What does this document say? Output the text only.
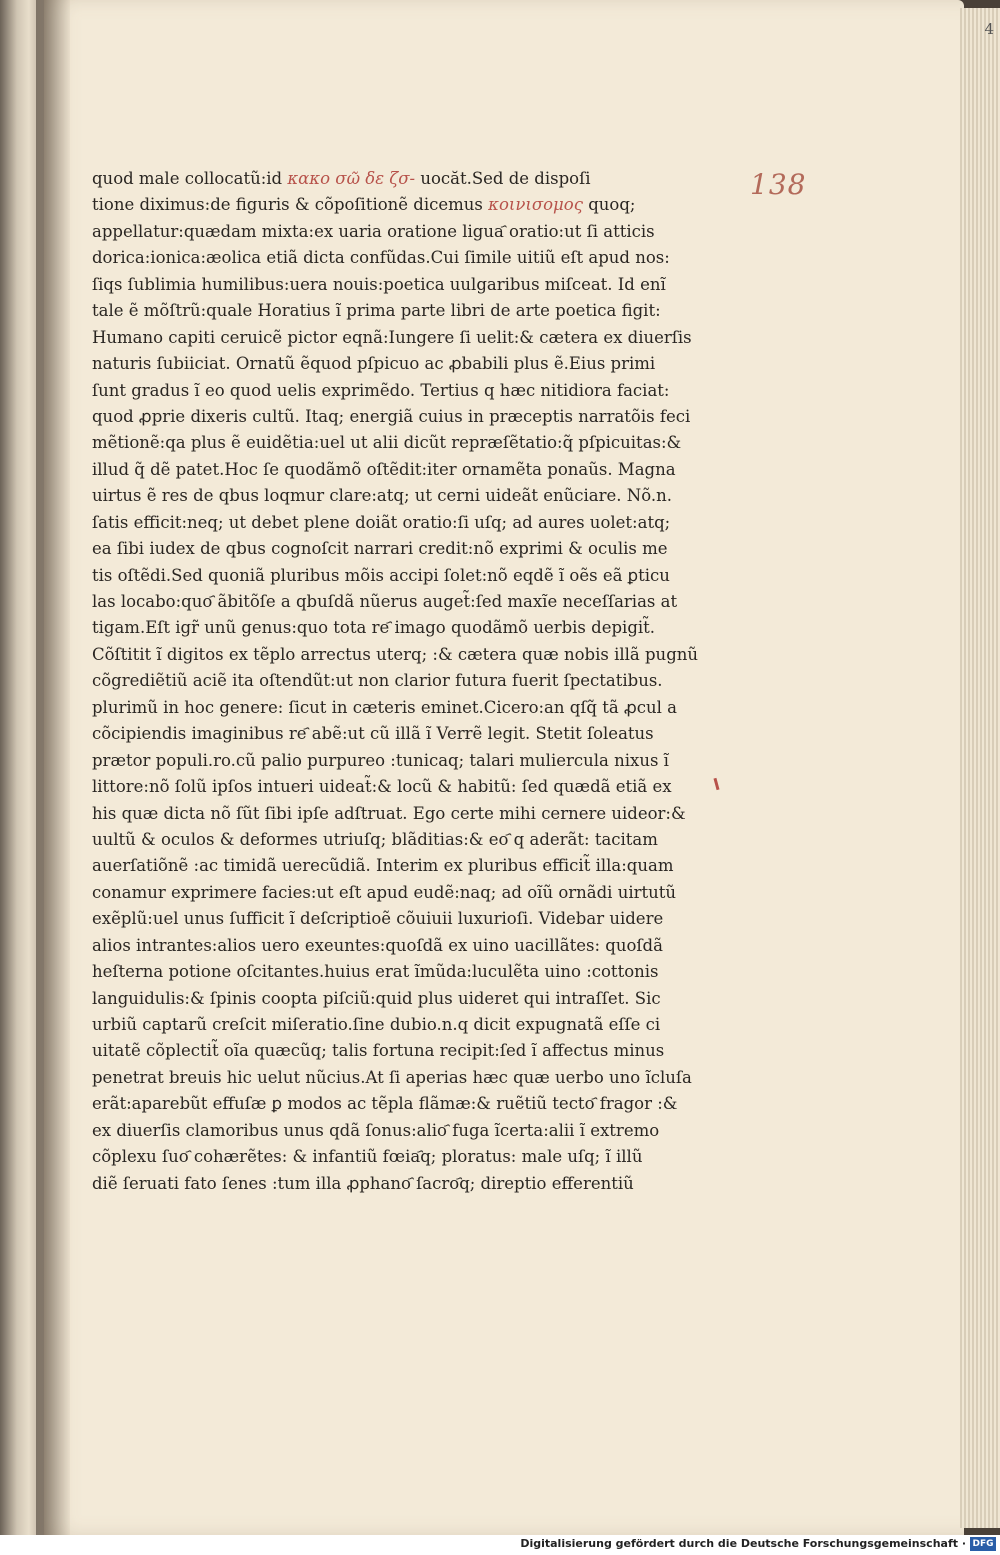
4
138
quod male collocatũ:id κακο σῶ δε ζσ- uocăt.Sed de dispoſi
tione diximus:de figuris & cõpoſitionẽ dicemus κοινισομος quoq;
appellatur:quædam mixta:ex uaria oratione ligua҄ oratio:ut ſi atticis
dorica:ionica:æolica etiã dicta confũdas.Cui ſimile uitiũ eſt apud nos:
ſiqs ſublimia humilibus:uera nouis:poetica uulgaribus miſceat. Id enĩ
tale ẽ mõſtrũ:quale Horatius ĩ prima parte libri de arte poetica figit:
Humano capiti ceruicẽ pictor eqnã:Iungere ſi uelit:& cætera ex diuerſis
naturis ſubiiciat. Ornatũ ẽquod pſpicuo ac ꝓbabili plus ẽ.Eius primi
ſunt gradus ĩ eo quod uelis exprimẽdo. Tertius q hæc nitidiora faciat:
quod ꝓprie dixeris cultũ. Itaq; energiã cuius in præceptis narratõis feci
mẽtionẽ:qa plus ẽ euidẽtia:uel ut alii dicũt repræſẽtatio:q̃ pſpicuitas:&
illud q̃ dẽ patet.Hoc ſe quodãmõ oſtẽdit:iter ornamẽta ponaũs. Magna
uirtus ẽ res de qbus loqmur clare:atq; ut cerni uideãt enũciare. Nõ.n.
ſatis efficit:neq; ut debet plene doiãt oratio:ſi uſq; ad aures uolet:atq;
ea ſibi iudex de qbus cognoſcit narrari credit:nõ exprimi & oculis me
tis oſtẽdi.Sed quoniã pluribus mõis accipi ſolet:nõ eqdẽ ĩ oẽs eã ꝑticu
las locabo:quo҄ ãbitõſe a qbuſdã nũerus auget̃:ſed maxĩe neceſſarias at
tigam.Eſt igr̃ unũ genus:quo tota re҄ imago quodãmõ uerbis depigit̃.
Cõſtitit ĩ digitos ex tẽplo arrectus uterq; :& cætera quæ nobis illã pugnũ
cõgrediẽtiũ aciẽ ita oſtendũt:ut non clarior futura fuerit ſpeсtatibus.
plurimũ in hoc genere: ſicut in cæteris eminet.Cicero:an qſq̃ tã ꝓcul a
cõcipiendis imaginibus re҄ abẽ:ut cũ illã ĩ Verrẽ legit. Stetit ſoleatus
prætor populi.ro.cũ palio purpureo :tunicaq; talari muliercula nixus ĩ
littore:nõ ſolũ ipſos intueri uideat̃:& locũ & habitũ: ſed quædã etiã ex
his quæ dicta nõ ſũt ſibi ipſe adſtruat. Ego certe mihi cernere uideor:&
uultũ & oculos & deformes utriuſq; blãditias:& eo҄ q aderãt: tacitam
auerſatiõnẽ :ac timidã uerecũdiã. Interim ex pluribus efficit̃ illa:quam
conamur exprimere facies:ut eſt apud eudẽ:naq; ad oĩũ ornãdi uirtutũ
exẽplũ:uel unus ſufficit ĩ deſcriptioẽ cõuiuii luxurioſi. Videbar uidere
alios intrantes:alios uero exeuntes:quoſdã ex uino uacillãtes: quoſdã
heſterna potione oſcitantes.huius erat ĩmũda:luculẽta uino :cottonis
languidulis:& ſpinis coopta piſciũ:quid plus uideret qui intraſſet. Sic
urbiũ captarũ creſcit miſeratio.ſine dubio.n.q dicit expugnatã eſſe ci
uitatẽ cõplectit̃ oĩa quæcũq; talis fortuna recipit:ſed ĩ affectus minus
penetrat breuis hic uelut nũcius.At ſi aperias hæc quæ uerbo uno ĩcluſa
erãt:aparebũt effuſæ ꝑ modos ac tẽpla flãmæ:& ruẽtiũ tecto҄ fragor :&
ex diuerſis clamoribus unus qdã ſonus:alio҄ fuga ĩcerta:alii ĩ extremo
cõplexu ſuo҄ cohærẽtes: & infantiũ fœia҄q; ploratus: male uſq; ĩ illũ
diẽ ſeruati fato ſenes :tum illa ꝓphano҄ ſacro҄q; direptio efferentiũ
Digitalisierung gefördert durch die Deutsche Forschungsgemeinschaft · DFG
